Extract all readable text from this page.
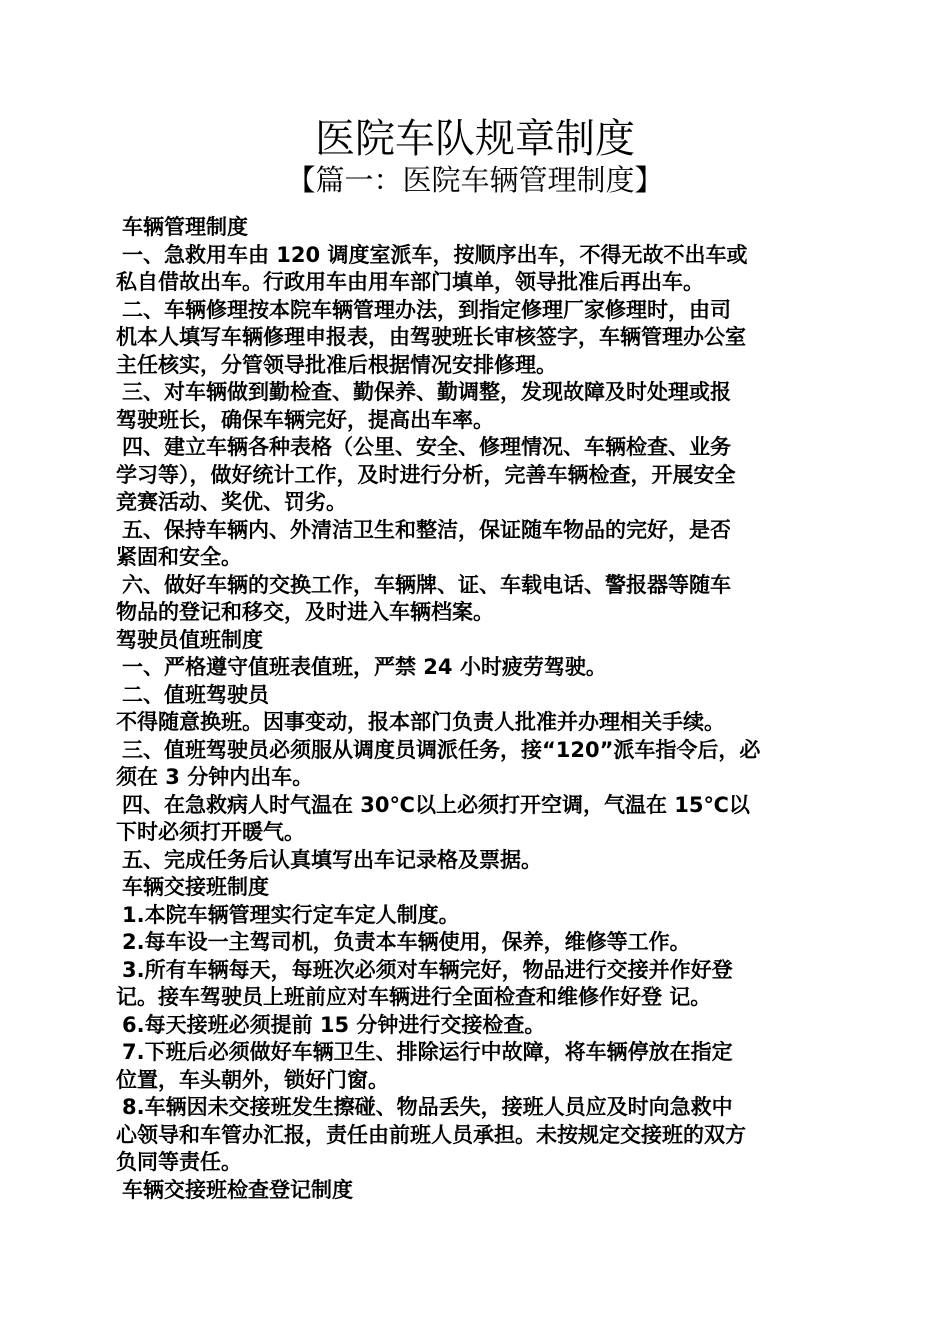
医院车队规章制度
【篇一：医院车辆管理制度】
车辆管理制度
一、急救用车由 120 调度室派车，按顺序出车，不得无故不出车或
私自借故出车。行政用车由用车部门填单，领导批准后再出车。
二、车辆修理按本院车辆管理办法，到指定修理厂家修理时，由司
机本人填写车辆修理申报表，由驾驶班长审核签字，车辆管理办公室
主任核实，分管领导批准后根据情况安排修理。
三、对车辆做到勤检查、勤保养、勤调整，发现故障及时处理或报
驾驶班长，确保车辆完好，提高出车率。
四、建立车辆各种表格（公里、安全、修理情况、车辆检查、业务
学习等），做好统计工作，及时进行分析，完善车辆检查，开展安全
竞赛活动、奖优、罚劣。
五、保持车辆内、外清洁卫生和整洁，保证随车物品的完好，是否
紧固和安全。
六、做好车辆的交换工作，车辆牌、证、车载电话、警报器等随车
物品的登记和移交，及时进入车辆档案。
驾驶员值班制度
一、严格遵守值班表值班，严禁 24 小时疲劳驾驶。
二、值班驾驶员
不得随意换班。因事变动，报本部门负责人批准并办理相关手续。
三、值班驾驶员必须服从调度员调派任务，接“120”派车指令后，必
须在 3 分钟内出车。
四、在急救病人时气温在 30℃以上必须打开空调，气温在 15℃以
下时必须打开暖气。
五、完成任务后认真填写出车记录格及票据。
车辆交接班制度
1.本院车辆管理实行定车定人制度。
2.每车设一主驾司机，负责本车辆使用，保养，维修等工作。
3.所有车辆每天，每班次必须对车辆完好，物品进行交接并作好登
记。接车驾驶员上班前应对车辆进行全面检查和维修作好登 记。
6.每天接班必须提前 15 分钟进行交接检查。
7.下班后必须做好车辆卫生、排除运行中故障，将车辆停放在指定
位置，车头朝外，锁好门窗。
8.车辆因未交接班发生擦碰、物品丢失，接班人员应及时向急救中
心领导和车管办汇报，责任由前班人员承担。未按规定交接班的双方
负同等责任。
车辆交接班检查登记制度
